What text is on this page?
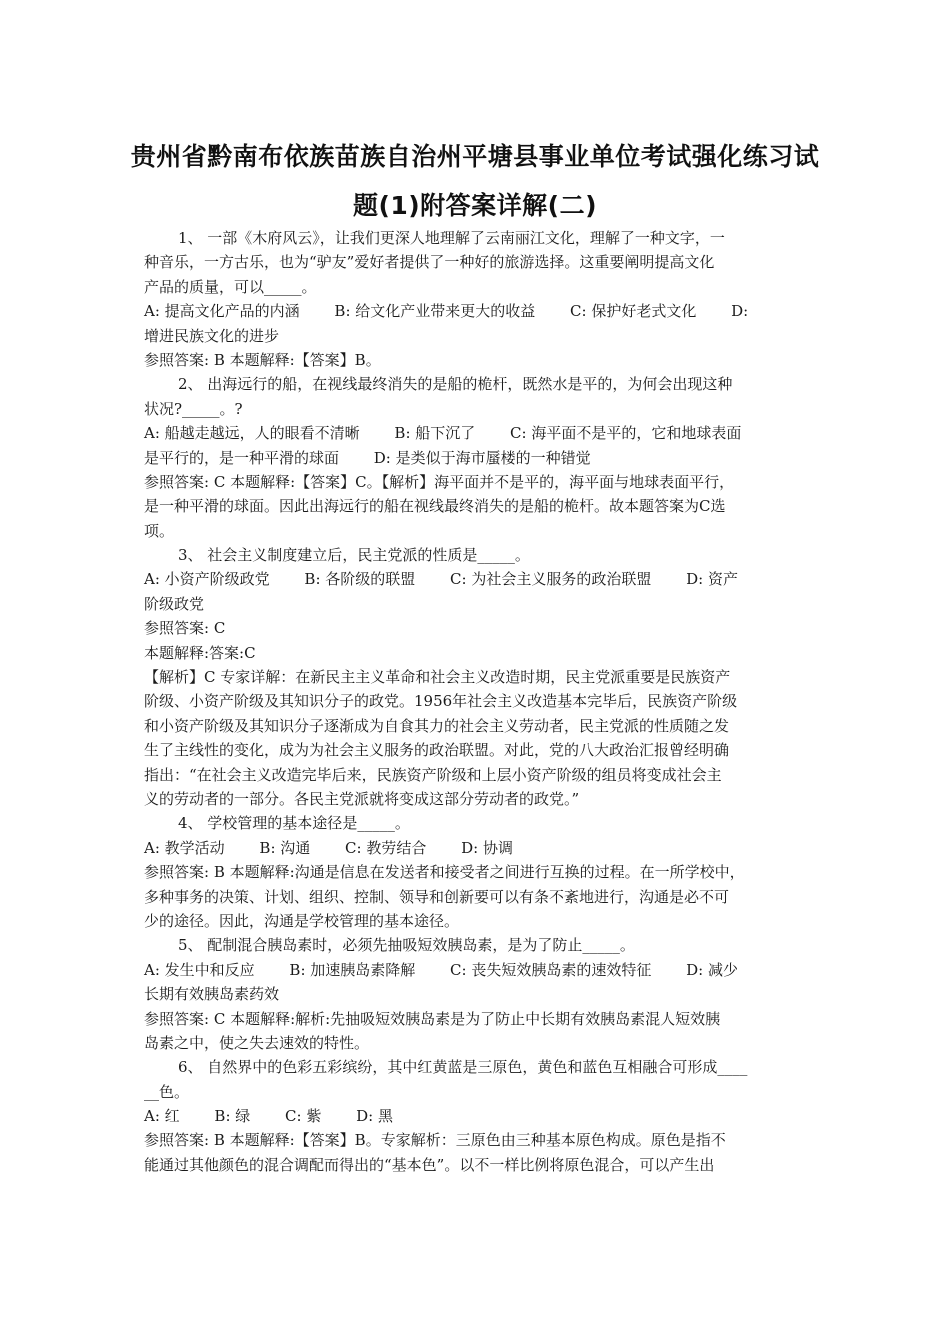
贵州省黔南布依族苗族自治州平塘县事业单位考试强化练习试
题(1)附答案详解(二)
1、 一部《木府风云》，让我们更深人地理解了云南丽江文化，理解了一种文字，一
种音乐，一方古乐，也为“驴友”爱好者提供了一种好的旅游选择。这重要阐明提高文化
产品的质量，可以_____。
A: 提高文化产品的内涵　　 B: 给文化产业带来更大的收益　　 C: 保护好老式文化　　 D:
增进民族文化的进步
参照答案: B 本题解释:【答案】B。
2、 出海远行的船，在视线最终消失的是船的桅杆，既然水是平的，为何会出现这种
状况?_____。?
A: 船越走越远，人的眼看不清晰　　 B: 船下沉了　　 C: 海平面不是平的，它和地球表面
是平行的，是一种平滑的球面　　 D: 是类似于海市蜃楼的一种错觉
参照答案: C 本题解释:【答案】C。【解析】海平面并不是平的，海平面与地球表面平行，
是一种平滑的球面。因此出海远行的船在视线最终消失的是船的桅杆。故本题答案为C选
项。
3、 社会主义制度建立后，民主党派的性质是_____。
A: 小资产阶级政党　　 B: 各阶级的联盟　　 C: 为社会主义服务的政治联盟　　 D: 资产
阶级政党
参照答案: C
本题解释:答案:C
【解析】C 专家详解：在新民主主义革命和社会主义改造时期，民主党派重要是民族资产
阶级、小资产阶级及其知识分子的政党。1956年社会主义改造基本完毕后，民族资产阶级
和小资产阶级及其知识分子逐渐成为自食其力的社会主义劳动者，民主党派的性质随之发
生了主线性的变化，成为为社会主义服务的政治联盟。对此，党的八大政治汇报曾经明确
指出：“在社会主义改造完毕后来，民族资产阶级和上层小资产阶级的组员将变成社会主
义的劳动者的一部分。各民主党派就将变成这部分劳动者的政党。”
4、 学校管理的基本途径是_____。
A: 教学活动　　 B: 沟通　　 C: 教劳结合　　 D: 协调
参照答案: B 本题解释:沟通是信息在发送者和接受者之间进行互换的过程。在一所学校中，
多种事务的决策、计划、组织、控制、领导和创新要可以有条不紊地进行，沟通是必不可
少的途径。因此，沟通是学校管理的基本途径。
5、 配制混合胰岛素时，必须先抽吸短效胰岛素，是为了防止_____。
A: 发生中和反应　　 B: 加速胰岛素降解　　 C: 丧失短效胰岛素的速效特征　　 D: 减少
长期有效胰岛素药效
参照答案: C 本题解释:解析:先抽吸短效胰岛素是为了防止中长期有效胰岛素混人短效胰
岛素之中，使之失去速效的特性。
6、 自然界中的色彩五彩缤纷，其中红黄蓝是三原色，黄色和蓝色互相融合可形成____
__色。
A: 红　　 B: 绿　　 C: 紫　　 D: 黑
参照答案: B 本题解释:【答案】B。专家解析：三原色由三种基本原色构成。原色是指不
能通过其他颜色的混合调配而得出的“基本色”。以不一样比例将原色混合，可以产生出
